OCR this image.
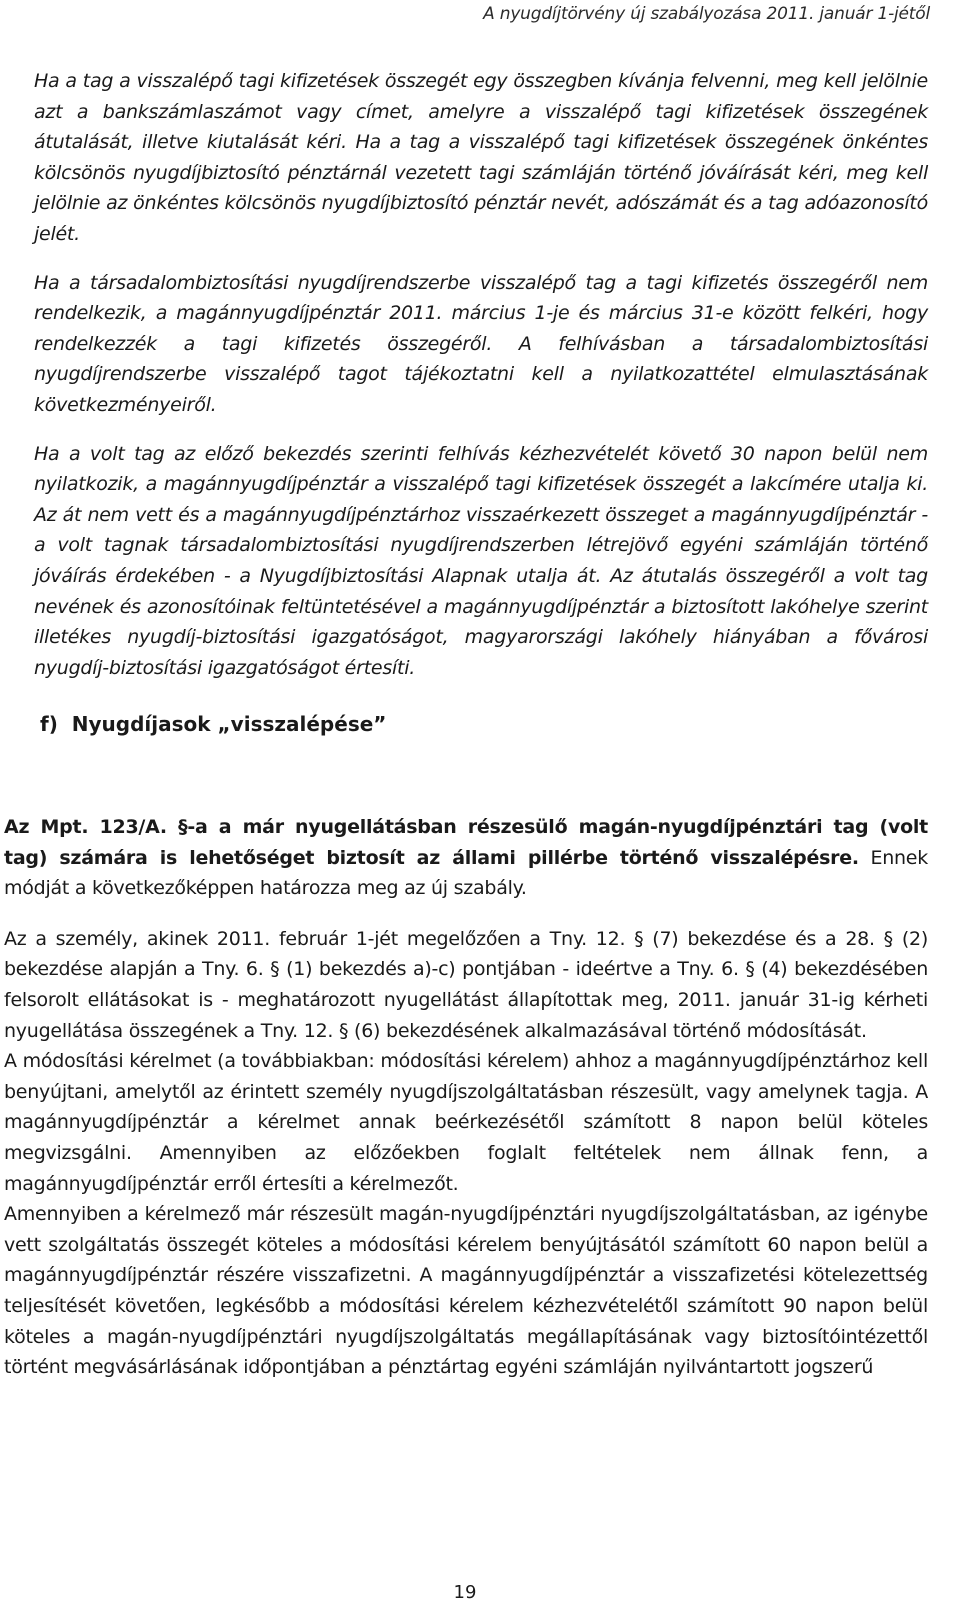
A nyugdíjtörvény új szabályozása 2011. január 1-jétől

Ha a tag a visszalépő tagi kifizetések összegét egy összegben kívánja felvenni, meg kell jelölnie azt a bankszámlaszámot vagy címet, amelyre a visszalépő tagi kifizetések összegének átutalását, illetve kiutalását kéri. Ha a tag a visszalépő tagi kifizetések összegének önkéntes kölcsönös nyugdíjbiztosító pénztárnál vezetett tagi számláján történő jóváírását kéri, meg kell jelölnie az önkéntes kölcsönös nyugdíjbiztosító pénztár nevét, adószámát és a tag adóazonosító jelét.

Ha a társadalombiztosítási nyugdíjrendszerbe visszalépő tag a tagi kifizetés összegéről nem rendelkezik, a magánnyugdíjpénztár 2011. március 1-je és március 31-e között felkéri, hogy rendelkezzék a tagi kifizetés összegéről. A felhívásban a társadalombiztosítási nyugdíjrendszerbe visszalépő tagot tájékoztatni kell a nyilatkozattétel elmulasztásának következményeiről.

Ha a volt tag az előző bekezdés szerinti felhívás kézhezvételét követő 30 napon belül nem nyilatkozik, a magánnyugdíjpénztár a visszalépő tagi kifizetések összegét a lakcímére utalja ki. Az át nem vett és a magánnyugdíjpénztárhoz visszaérkezett összeget a magánnyugdíjpénztár - a volt tagnak társadalombiztosítási nyugdíjrendszerben létrejövő egyéni számláján történő jóváírás érdekében - a Nyugdíjbiztosítási Alapnak utalja át. Az átutalás összegéről a volt tag nevének és azonosítóinak feltüntetésével a magánnyugdíjpénztár a biztosított lakóhelye szerint illetékes nyugdíj-biztosítási igazgatóságot, magyarországi lakóhely hiányában a fővárosi nyugdíj-biztosítási igazgatóságot értesíti.

f)  Nyugdíjasok „visszalépése”

Az Mpt. 123/A. §-a a már nyugellátásban részesülő magán-nyugdíjpénztári tag (volt tag) számára is lehetőséget biztosít az állami pillérbe történő visszalépésre. Ennek módját a következőképpen határozza meg az új szabály.

Az a személy, akinek 2011. február 1-jét megelőzően a Tny. 12. § (7) bekezdése és a 28. § (2) bekezdése alapján a Tny. 6. § (1) bekezdés a)-c) pontjában - ideértve a Tny. 6. § (4) bekezdésében felsorolt ellátásokat is - meghatározott nyugellátást állapítottak meg, 2011. január 31-ig kérheti nyugellátása összegének a Tny. 12. § (6) bekezdésének alkalmazásával történő módosítását.

A módosítási kérelmet (a továbbiakban: módosítási kérelem) ahhoz a magánnyugdíjpénztárhoz kell benyújtani, amelytől az érintett személy nyugdíjszolgáltatásban részesült, vagy amelynek tagja. A magánnyugdíjpénztár a kérelmet annak beérkezésétől számított 8 napon belül köteles megvizsgálni. Amennyiben az előzőekben foglalt feltételek nem állnak fenn, a magánnyugdíjpénztár erről értesíti a kérelmezőt.

Amennyiben a kérelmező már részesült magán-nyugdíjpénztári nyugdíjszolgáltatásban, az igénybe vett szolgáltatás összegét köteles a módosítási kérelem benyújtásától számított 60 napon belül a magánnyugdíjpénztár részére visszafizetni. A magánnyugdíjpénztár a visszafizetési kötelezettség teljesítését követően, legkésőbb a módosítási kérelem kézhezvételétől számított 90 napon belül köteles a magán-nyugdíjpénztári nyugdíjszolgáltatás megállapításának vagy biztosítóintézettől történt megvásárlásának időpontjában a pénztártag egyéni számláján nyilvántartott jogszerű

19
